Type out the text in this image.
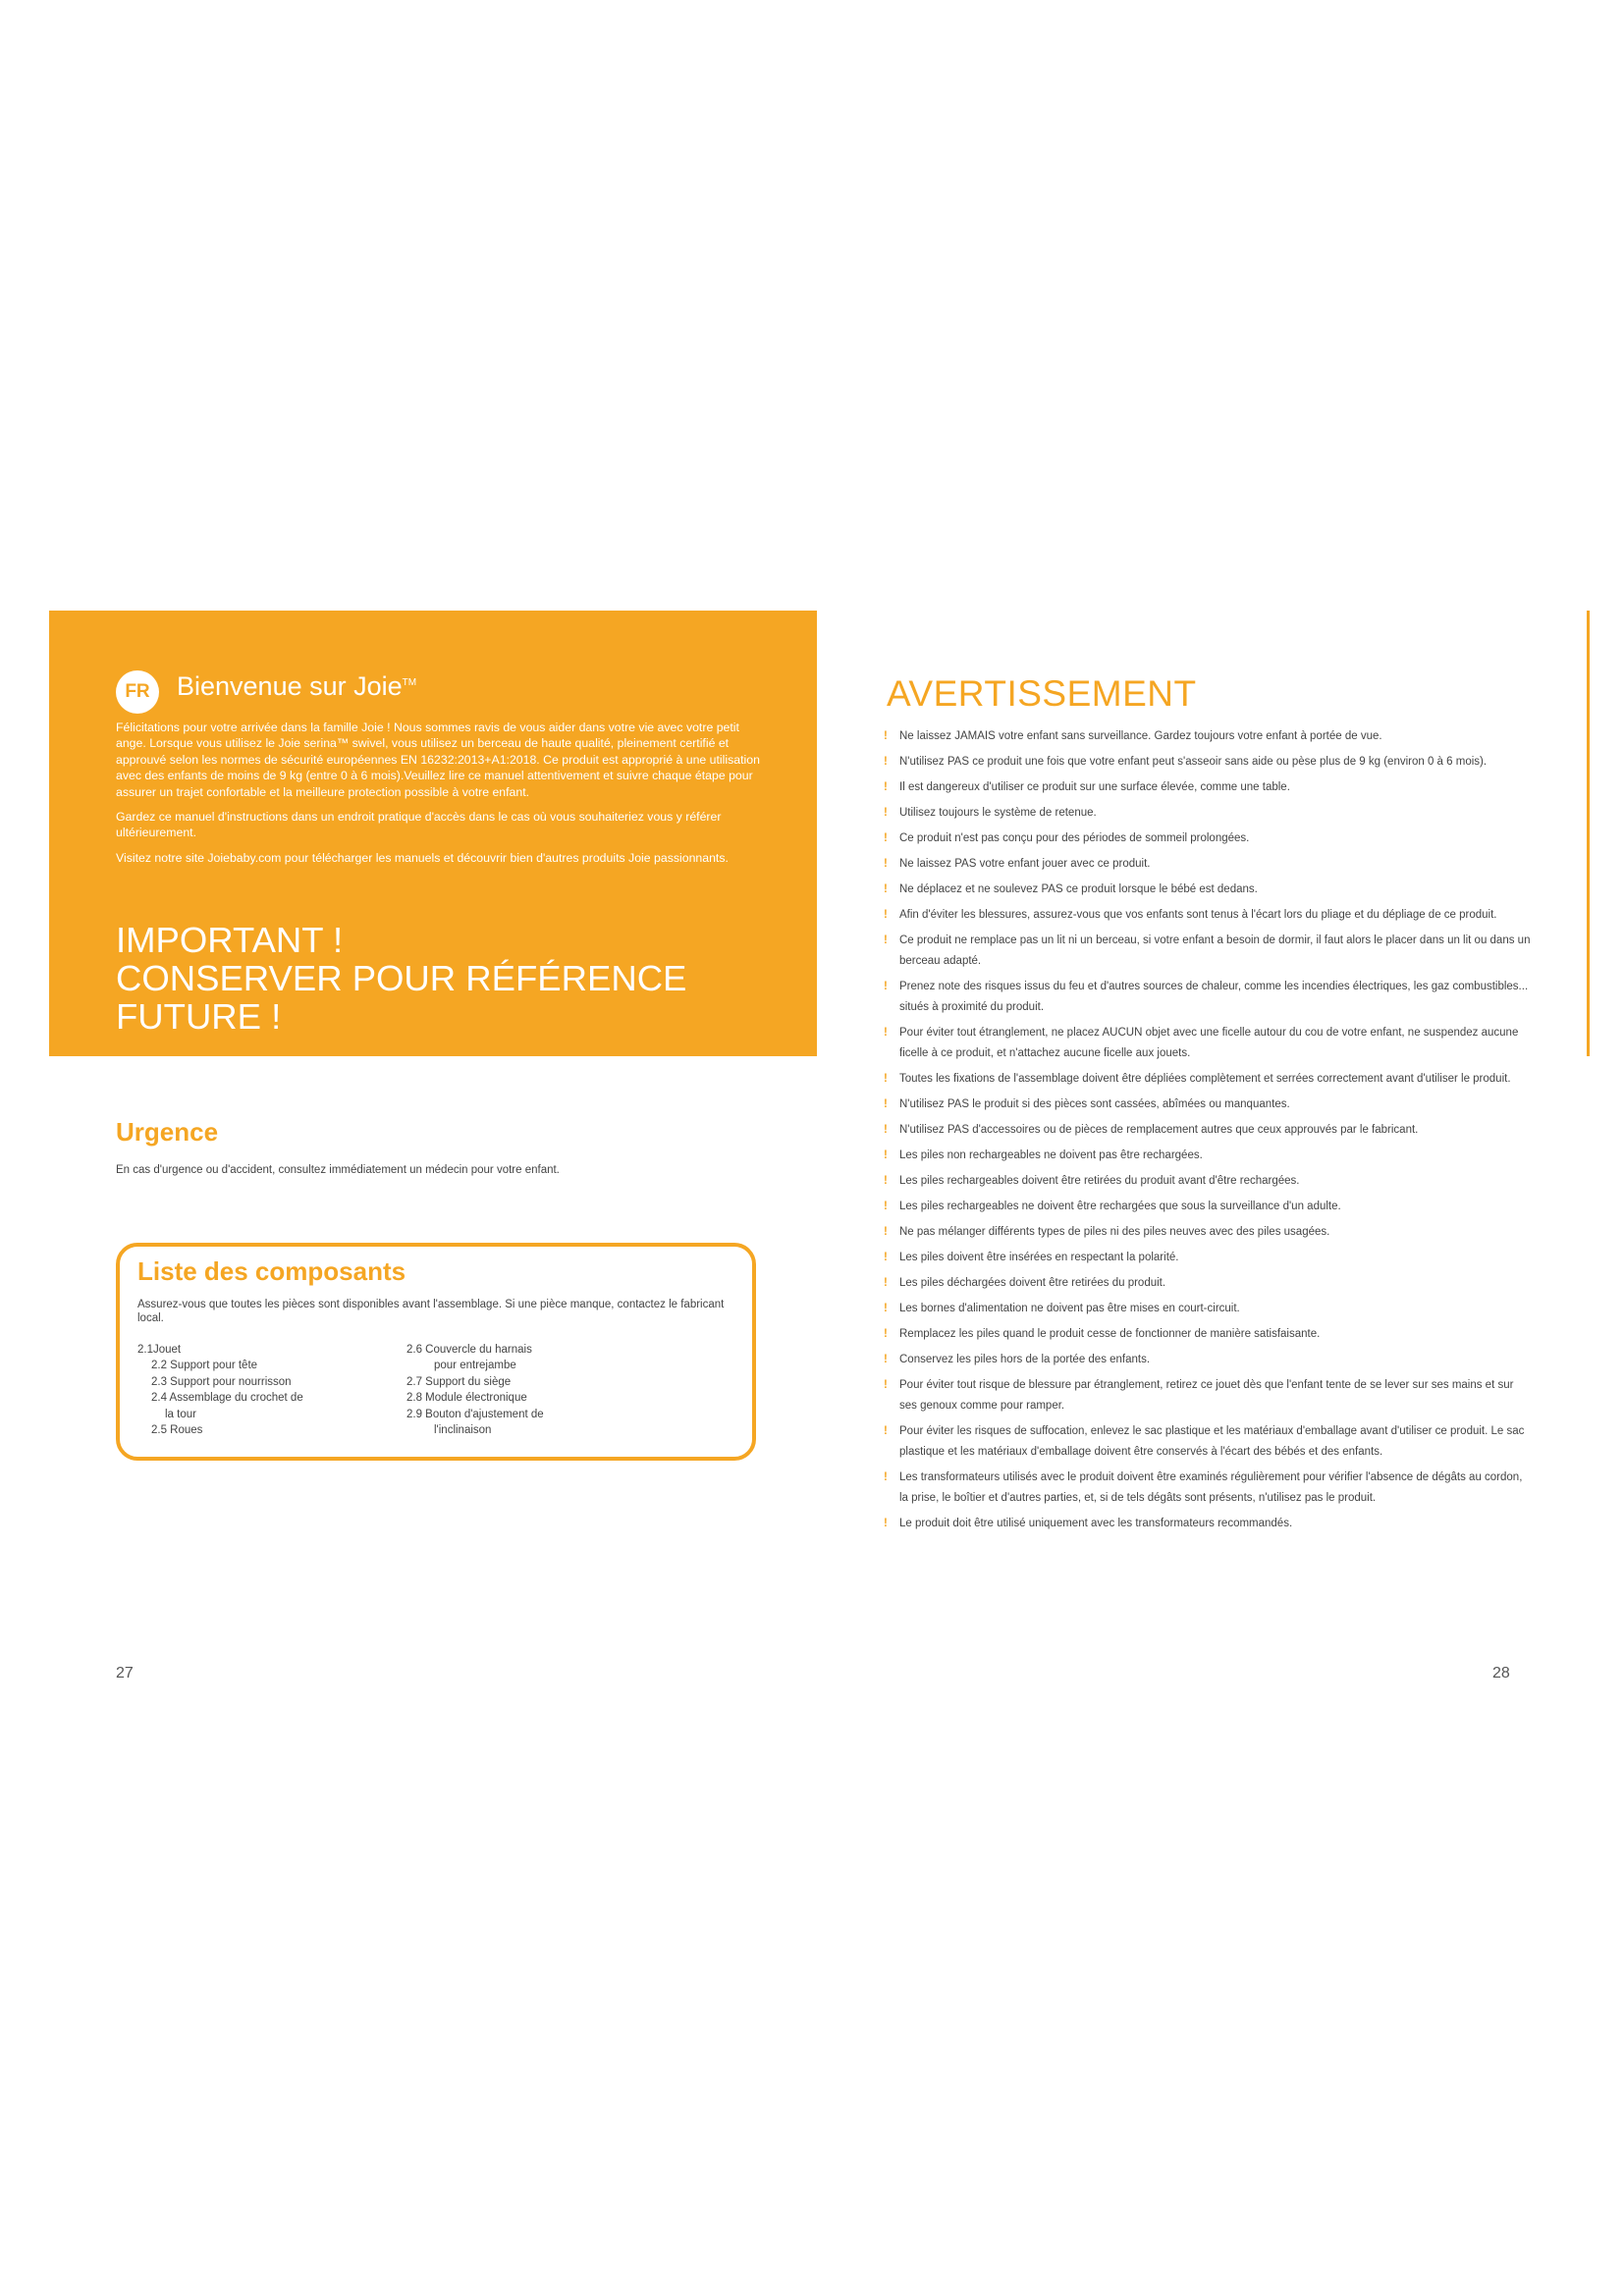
FR	Bienvenue sur Joie™

Félicitations pour votre arrivée dans la famille Joie ! Nous sommes ravis de vous aider dans votre vie avec votre petit ange. Lorsque vous utilisez le Joie serina™ swivel, vous utilisez un berceau de haute qualité, pleinement certifié et approuvé selon les normes de sécurité européennes EN 16232:2013+A1:2018. Ce produit est approprié à une utilisation avec des enfants de moins de 9 kg (entre 0 à 6 mois).Veuillez lire ce manuel attentivement et suivre chaque étape pour assurer un trajet confortable et la meilleure protection possible à votre enfant.

Gardez ce manuel d'instructions dans un endroit pratique d'accès dans le cas où vous souhaiteriez vous y référer ultérieurement.

Visitez notre site Joiebaby.com pour télécharger les manuels et découvrir bien d'autres produits Joie passionnants.

IMPORTANT !
CONSERVER POUR RÉFÉRENCE
FUTURE !
Urgence
En cas d'urgence ou d'accident, consultez immédiatement un médecin pour votre enfant.
Liste des composants
Assurez-vous que toutes les pièces sont disponibles avant l'assemblage. Si une pièce manque, contactez le fabricant local.
2.1Jouet
2.2 Support pour tête
2.3 Support pour nourrisson
2.4 Assemblage du crochet de
la tour
2.5 Roues
2.6 Couvercle du harnais
pour entrejambe
2.7 Support du siège
2.8 Module électronique
2.9 Bouton d'ajustement de
l'inclinaison
27
AVERTISSEMENT
!	Ne laissez JAMAIS votre enfant sans surveillance. Gardez toujours votre enfant à portée de vue.
!	N'utilisez PAS ce produit une fois que votre enfant peut s'asseoir sans aide ou pèse plus de 9 kg (environ 0 à 6 mois).
!	Il est dangereux d'utiliser ce produit sur une surface élevée, comme une table.
!	Utilisez toujours le système de retenue.
!	Ce produit n'est pas conçu pour des périodes de sommeil prolongées.
!	Ne laissez PAS votre enfant jouer avec ce produit.
!	Ne déplacez et ne soulevez PAS ce produit lorsque le bébé est dedans.
!	Afin d'éviter les blessures, assurez-vous que vos enfants sont tenus à l'écart lors du pliage et du dépliage de ce produit.
!	Ce produit ne remplace pas un lit ni un berceau, si votre enfant a besoin de dormir, il faut alors le placer dans un lit ou dans un berceau adapté.
!	Prenez note des risques issus du feu et d'autres sources de chaleur, comme les incendies électriques, les gaz combustibles... situés à proximité du produit.
!	Pour éviter tout étranglement, ne placez AUCUN objet avec une ficelle autour du cou de votre enfant, ne suspendez aucune ficelle à ce produit, et n'attachez aucune ficelle aux jouets.
!	Toutes les fixations de l'assemblage doivent être dépliées complètement et serrées correctement avant d'utiliser le produit.
!	N'utilisez PAS le produit si des pièces sont cassées, abîmées ou manquantes.
!	N'utilisez PAS d'accessoires ou de pièces de remplacement autres que ceux approuvés par le fabricant.
!	Les piles non rechargeables ne doivent pas être rechargées.
!	Les piles rechargeables doivent être retirées du produit avant d'être rechargées.
!	Les piles rechargeables ne doivent être rechargées que sous la surveillance d'un adulte.
!	Ne pas mélanger différents types de piles ni des piles neuves avec des piles usagées.
!	Les piles doivent être insérées en respectant la polarité.
!	Les piles déchargées doivent être retirées du produit.
!	Les bornes d'alimentation ne doivent pas être mises en court-circuit.
!	Remplacez les piles quand le produit cesse de fonctionner de manière satisfaisante.
!	Conservez les piles hors de la portée des enfants.
!	Pour éviter tout risque de blessure par étranglement, retirez ce jouet dès que l'enfant tente de se lever sur ses mains et sur ses genoux comme pour ramper.
!	Pour éviter les risques de suffocation, enlevez le sac plastique et les matériaux d'emballage avant d'utiliser ce produit. Le sac plastique et les matériaux d'emballage doivent être conservés à l'écart des bébés et des enfants.
!	Les transformateurs utilisés avec le produit doivent être examinés régulièrement pour vérifier l'absence de dégâts au cordon, la prise, le boîtier et d'autres parties, et, si de tels dégâts sont présents, n'utilisez pas le produit.
!	Le produit doit être utilisé uniquement avec les transformateurs recommandés.
28
